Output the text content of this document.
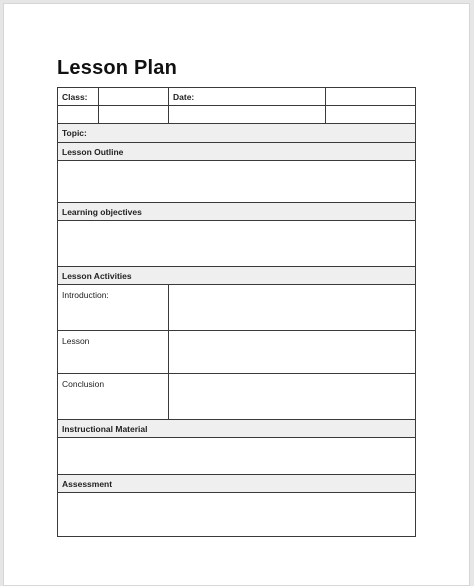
Lesson Plan
Class:		Date:	

Topic:			
Lesson Outline			

Learning objectives			

Lesson Activities			
Introduction:			
Lesson			
Conclusion			
Instructional Material			

Assessment			
